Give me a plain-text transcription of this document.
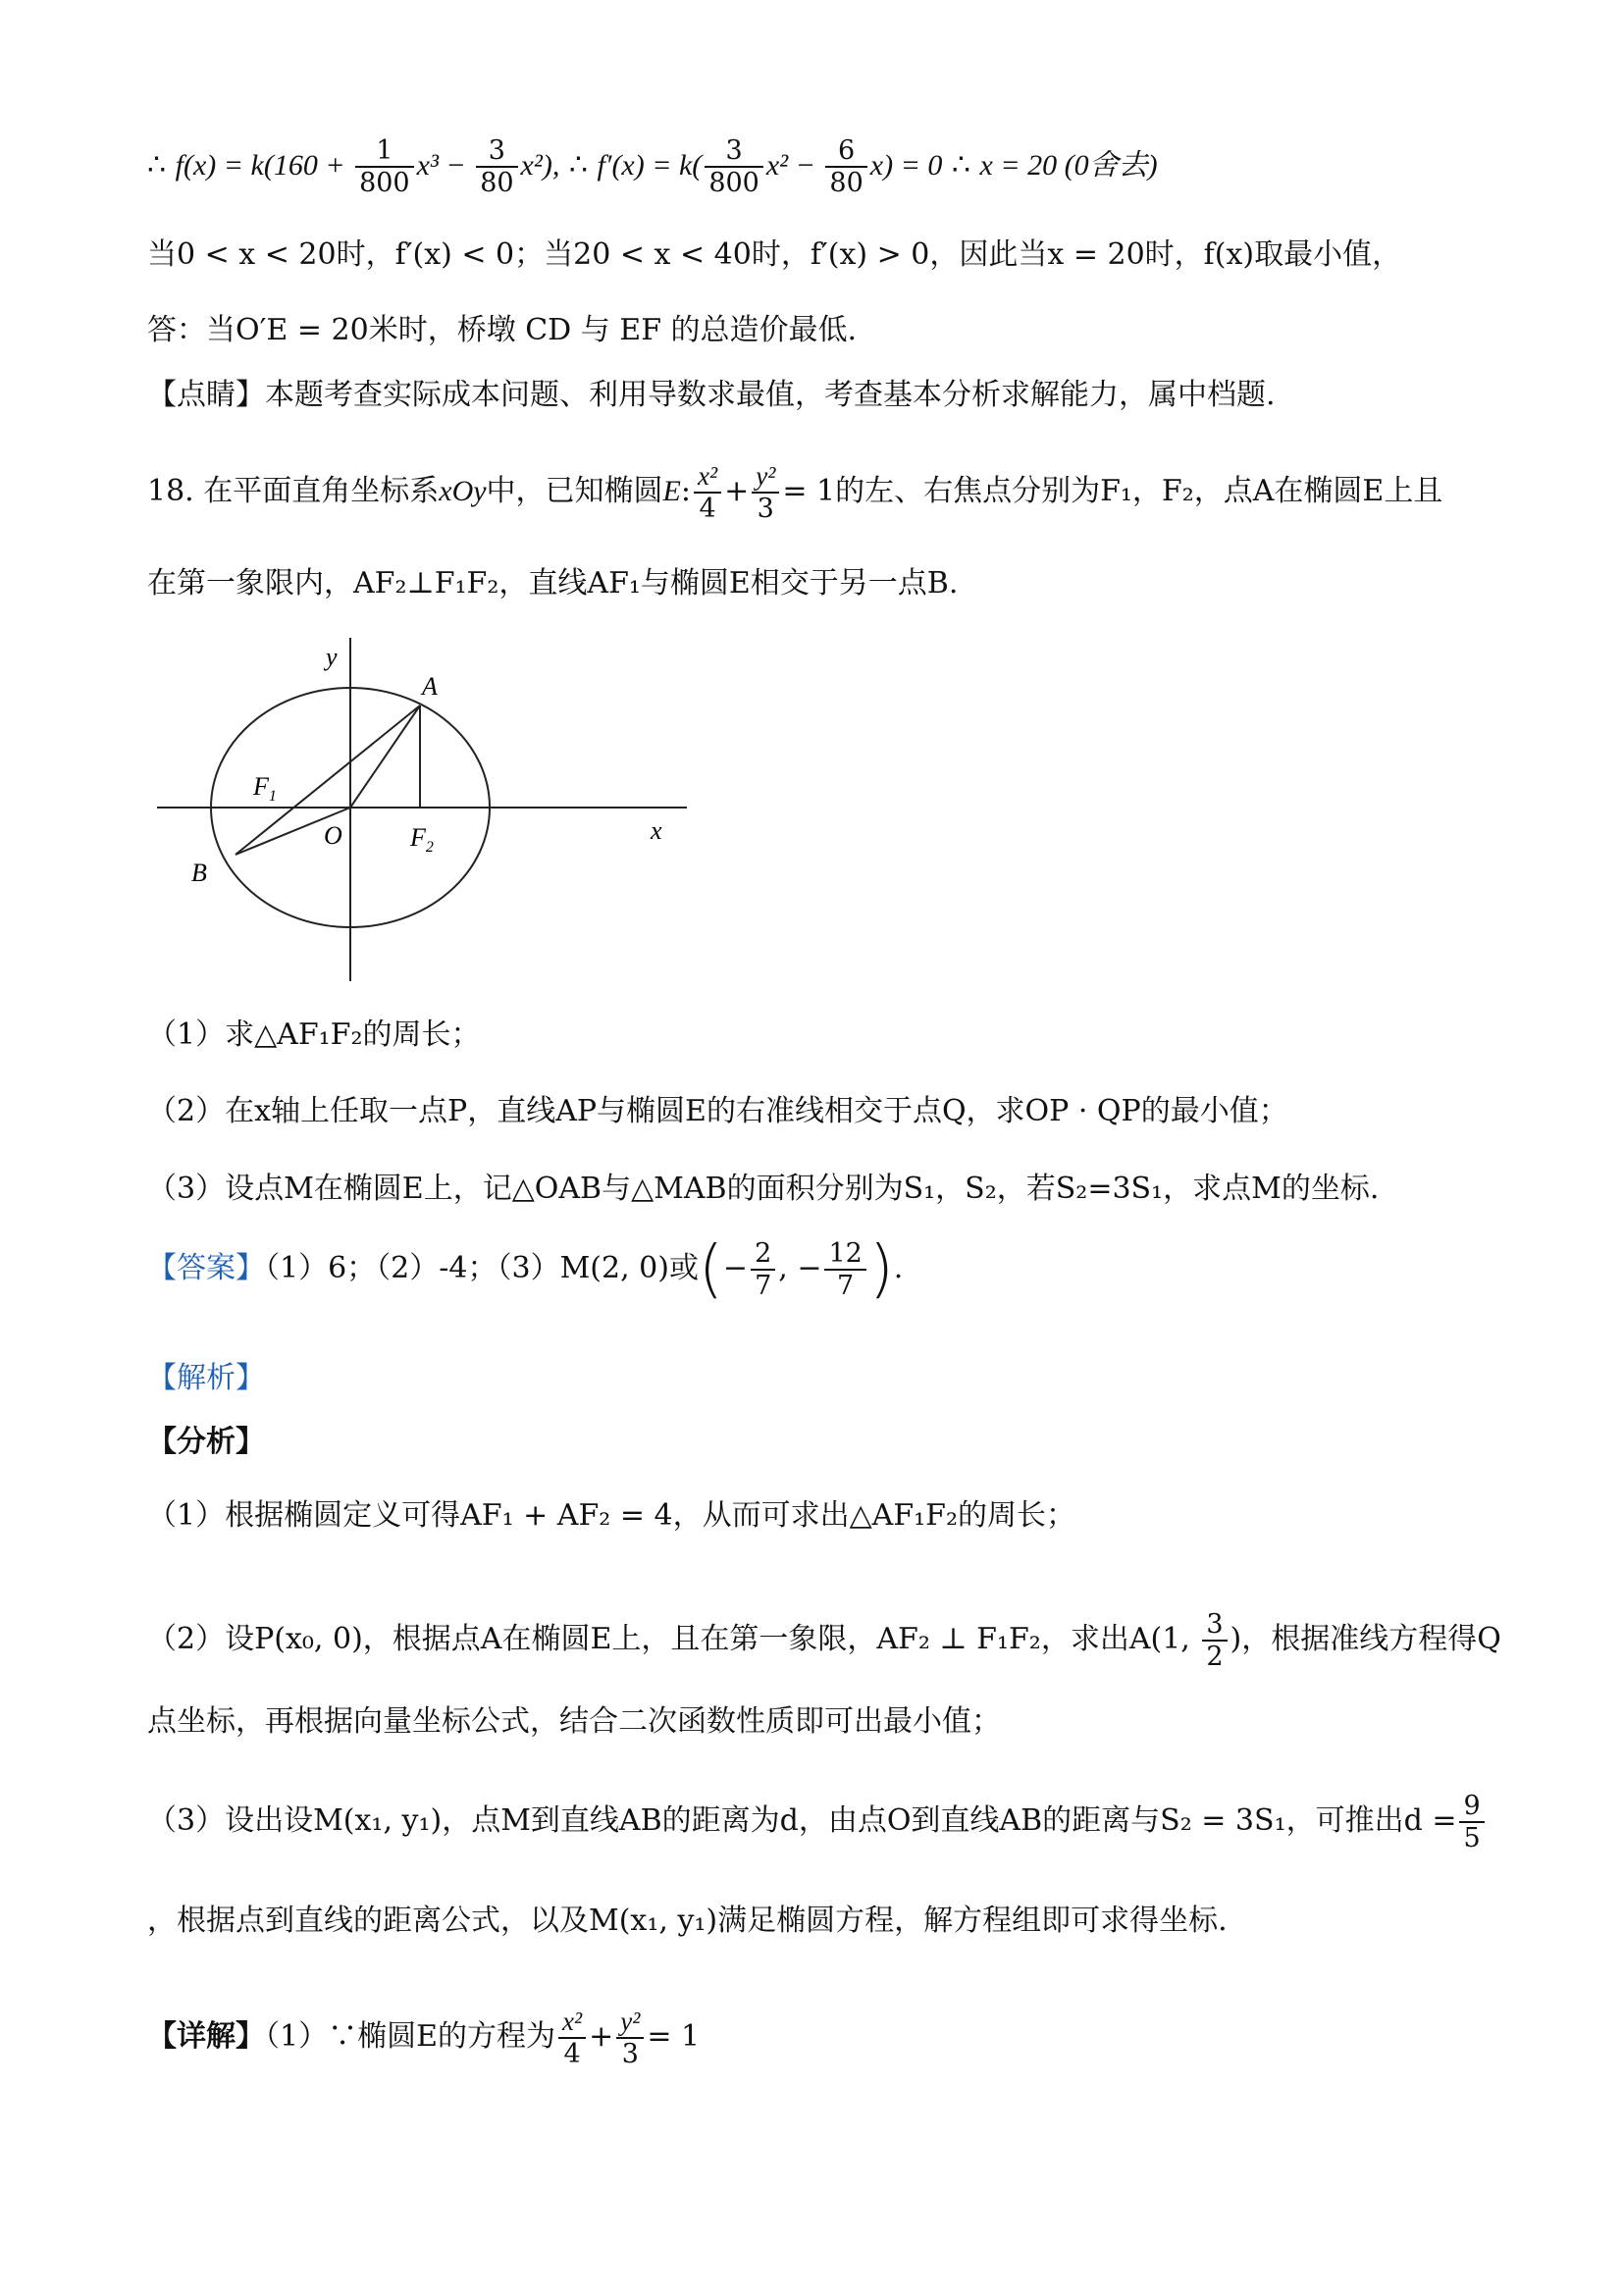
∴ $f(x) = k(160 + \frac{1}{800} x^3 - \frac{3}{80} x^2)$, ∴ $f'(x) = k( \frac{3}{800} x^2 - \frac{6}{80} x) = 0$ ∴ x = 20 (0舍去)
当0 < x < 20时，f′(x) < 0；当20 < x < 40时，f′(x) > 0，因此当x = 20时，f(x)取最小值，
答：当O′E = 20米时，桥墩 CD 与 EF 的总造价最低.
【点睛】本题考查实际成本问题、利用导数求最值，考查基本分析求解能力，属中档题.
18. 在平面直角坐标系xOy中，已知椭圆E: $\frac{\text{x²}}{4} + \frac{\text{y²}}{3} = 1$的左、右焦点分别为F₁，F₂，点A在椭圆E上且
在第一象限内，AF₂⊥F₁F₂，直线AF₁与椭圆E相交于另一点B.
y
x
A
$F_1$
$F_2$
O
B
（1）求△AF₁F₂的周长；
（2）在x轴上任取一点P，直线AP与椭圆E的右准线相交于点Q，求OP · QP的最小值；
（3）设点M在椭圆E上，记△OAB与△MAB的面积分别为S₁，S₂，若S₂=3S₁，求点M的坐标.
【答案】（1）6；（2）-4；（3）M(2, 0)或(− $\frac{2}{7}$ , − $\frac{12}{7}$ ).
【解析】
【分析】
（1）根据椭圆定义可得AF₁ + AF₂ = 4，从而可求出△AF₁F₂的周长；
（2）设P(x₀, 0)，根据点A在椭圆E上，且在第一象限，AF₂ ⊥ F₁F₂，求出A(1, $\frac{3}{2}$ )，根据准线方程得Q
点坐标，再根据向量坐标公式，结合二次函数性质即可出最小值；
（3）设出设M(x₁, y₁)，点M到直线AB的距离为d，由点O到直线AB的距离与S₂ = 3S₁，可推出$d = \frac{9}{5}$
，根据点到直线的距离公式，以及M(x₁, y₁)满足椭圆方程，解方程组即可求得坐标.
【详解】（1）∵椭圆E的方程为 $\frac{\text{x²}}{4} + \frac{\text{y²}}{3} = 1$
